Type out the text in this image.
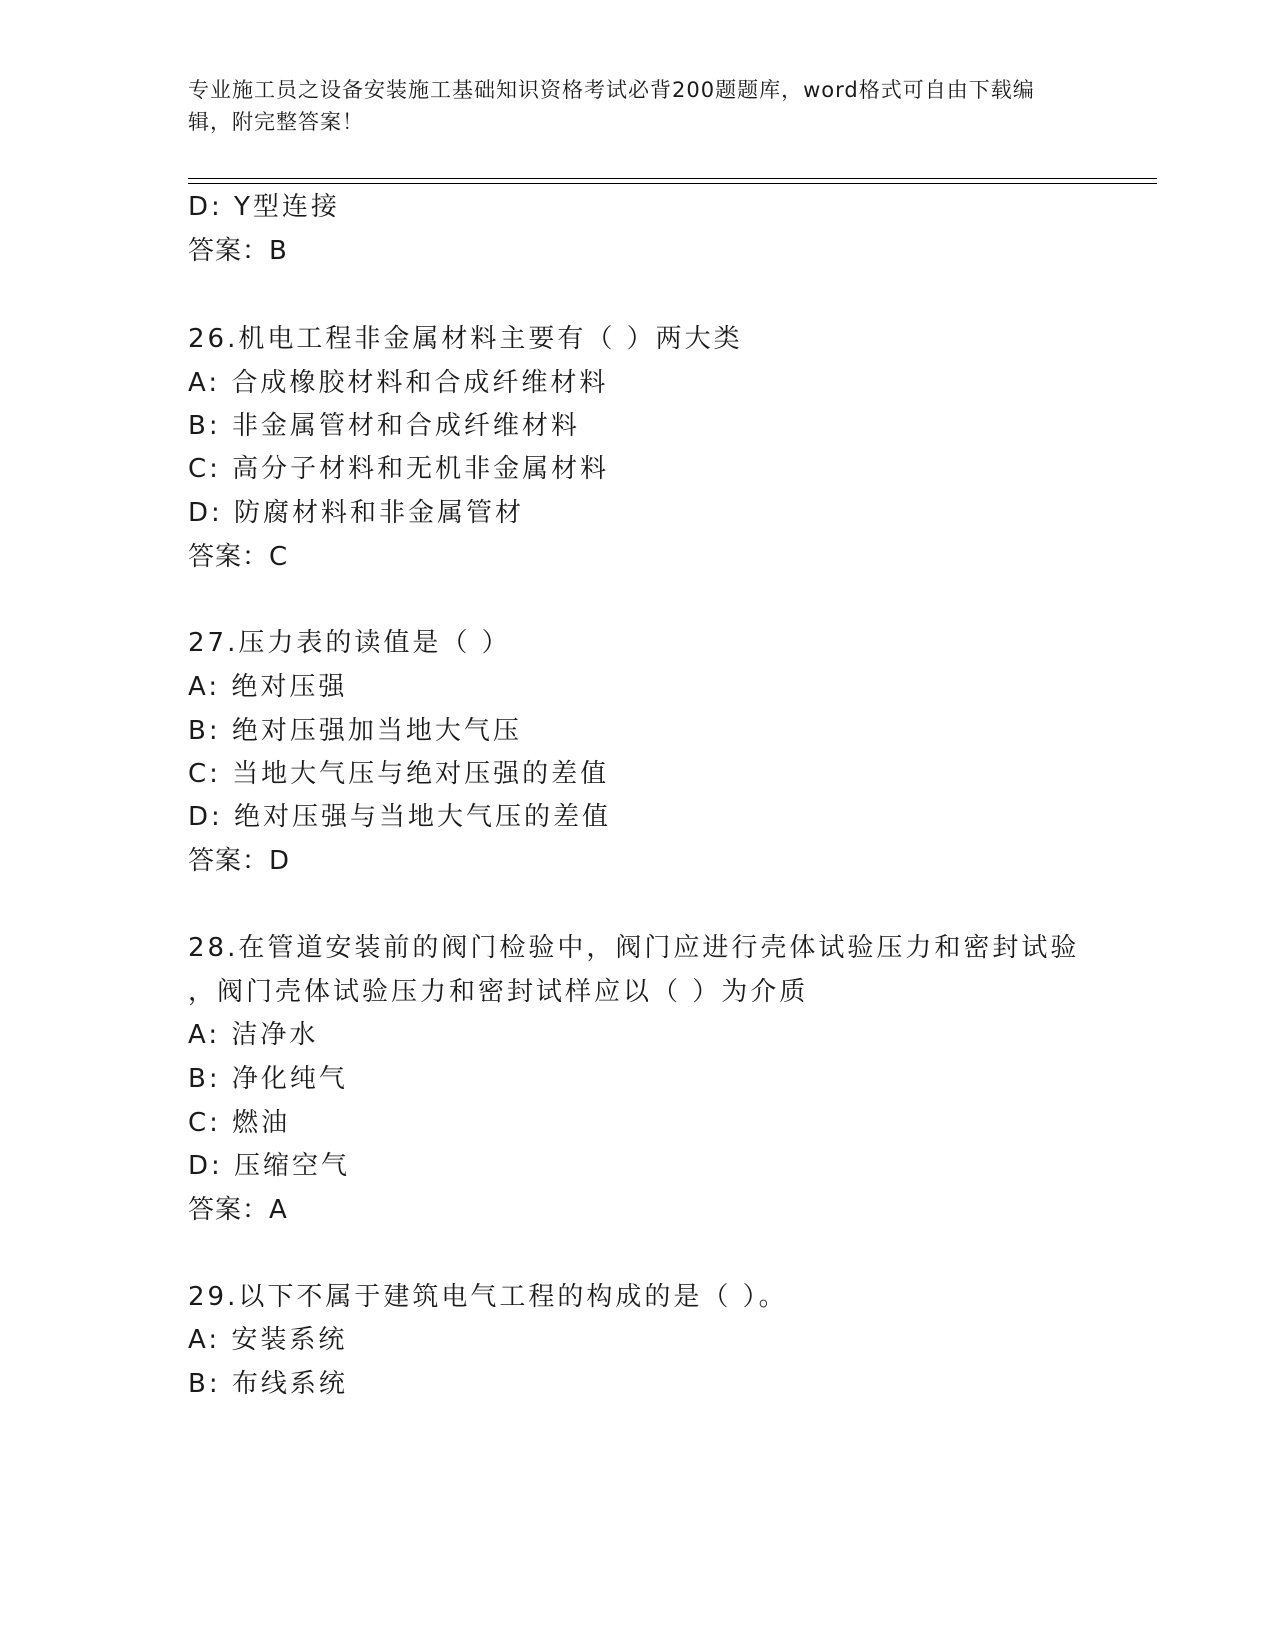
专业施工员之设备安装施工基础知识资格考试必背200题题库，word格式可自由下载编辑，附完整答案！
D: Y型连接
答案：B
26.机电工程非金属材料主要有（ ）两大类
A: 合成橡胶材料和合成纤维材料
B: 非金属管材和合成纤维材料
C: 高分子材料和无机非金属材料
D: 防腐材料和非金属管材
答案：C
27.压力表的读值是（ ）
A: 绝对压强
B: 绝对压强加当地大气压
C: 当地大气压与绝对压强的差值
D: 绝对压强与当地大气压的差值
答案：D
28.在管道安装前的阀门检验中，阀门应进行壳体试验压力和密封试验
，阀门壳体试验压力和密封试样应以（ ）为介质
A: 洁净水
B: 净化纯气
C: 燃油
D: 压缩空气
答案：A
29.以下不属于建筑电气工程的构成的是（ ）。
A: 安装系统
B: 布线系统
